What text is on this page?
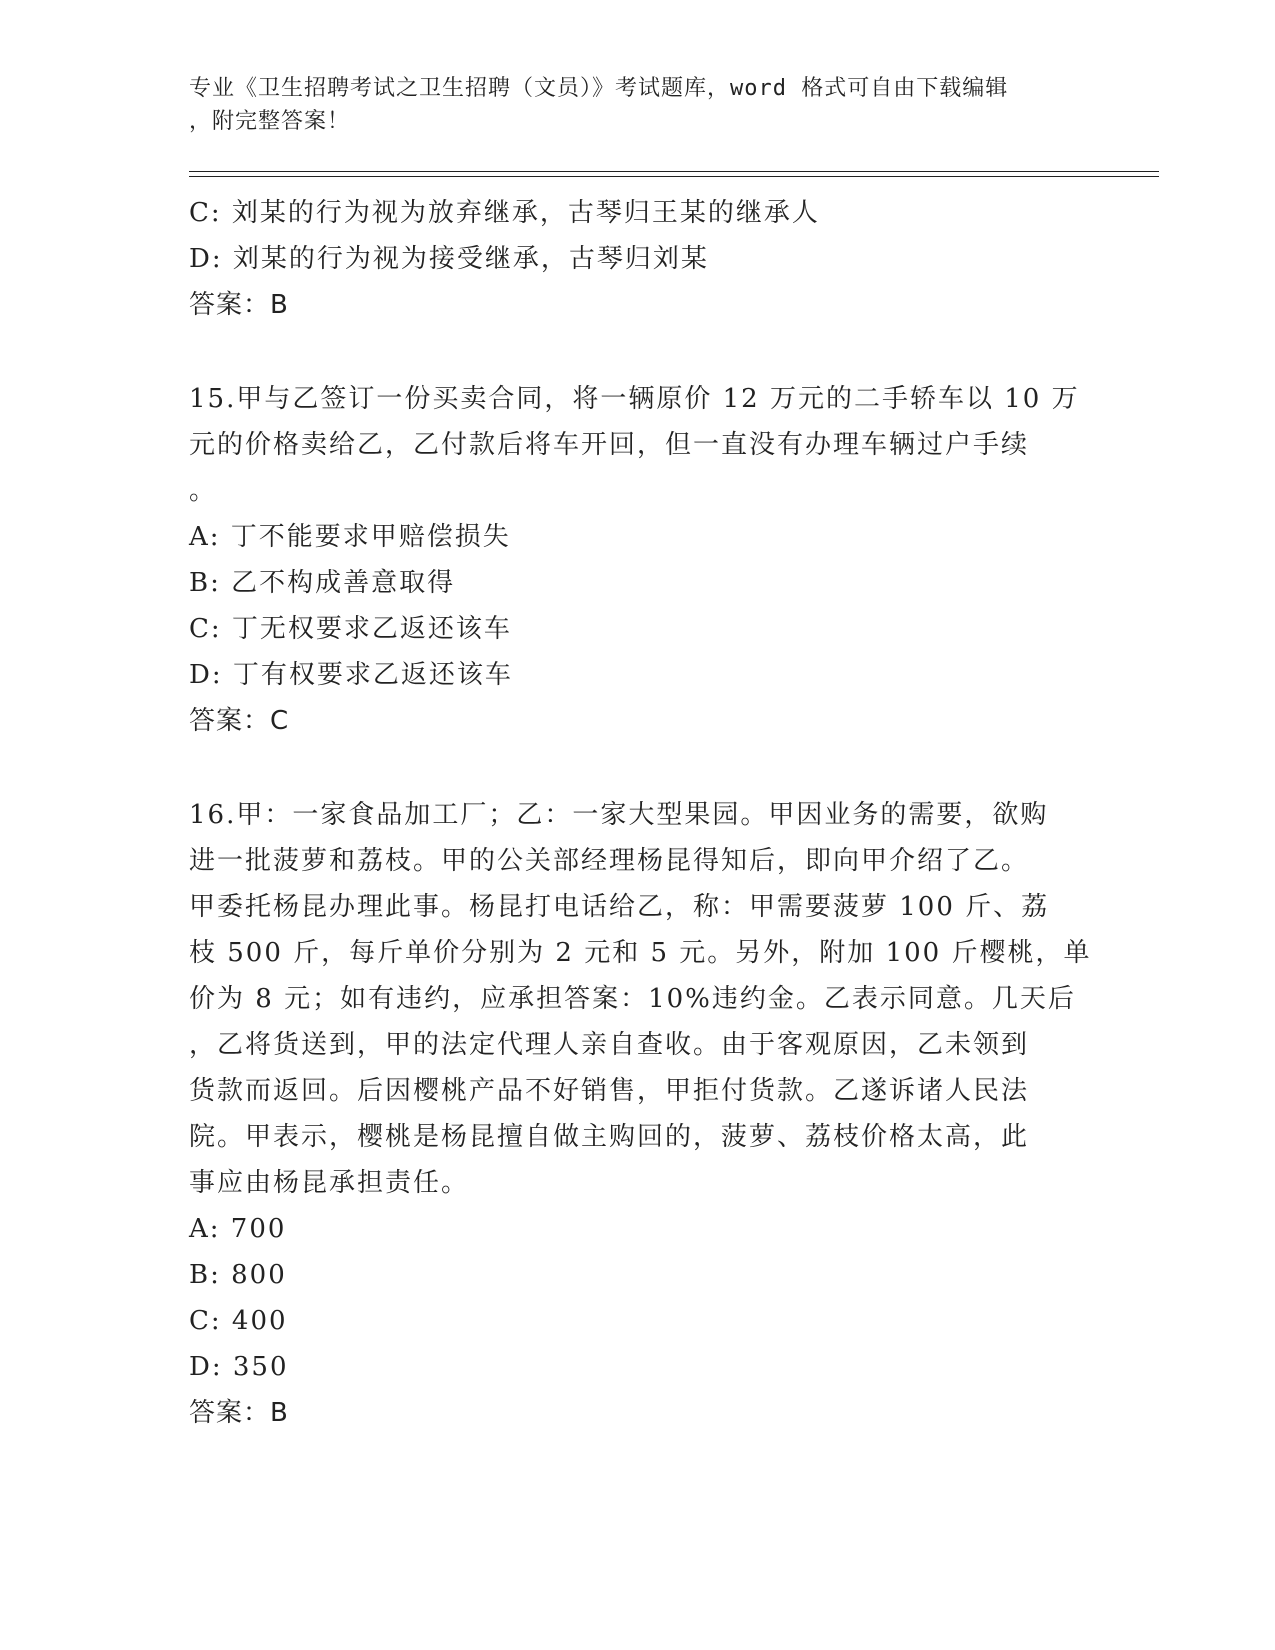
专业《卫生招聘考试之卫生招聘（文员）》考试题库，word 格式可自由下载编辑
，附完整答案！
C: 刘某的行为视为放弃继承，古琴归王某的继承人
D: 刘某的行为视为接受继承，古琴归刘某
答案：B
15.甲与乙签订一份买卖合同，将一辆原价 12 万元的二手轿车以 10 万
元的价格卖给乙，乙付款后将车开回，但一直没有办理车辆过户手续
。
A: 丁不能要求甲赔偿损失
B: 乙不构成善意取得
C: 丁无权要求乙返还该车
D: 丁有权要求乙返还该车
答案：C
16.甲：一家食品加工厂；乙：一家大型果园。甲因业务的需要，欲购
进一批菠萝和荔枝。甲的公关部经理杨昆得知后，即向甲介绍了乙。
甲委托杨昆办理此事。杨昆打电话给乙，称：甲需要菠萝 100 斤、荔
枝 500 斤，每斤单价分别为 2 元和 5 元。另外，附加 100 斤樱桃，单
价为 8 元；如有违约，应承担答案：10%违约金。乙表示同意。几天后
，乙将货送到，甲的法定代理人亲自查收。由于客观原因，乙未领到
货款而返回。后因樱桃产品不好销售，甲拒付货款。乙遂诉诸人民法
院。甲表示，樱桃是杨昆擅自做主购回的，菠萝、荔枝价格太高，此
事应由杨昆承担责任。
A: 700
B: 800
C: 400
D: 350
答案：B
